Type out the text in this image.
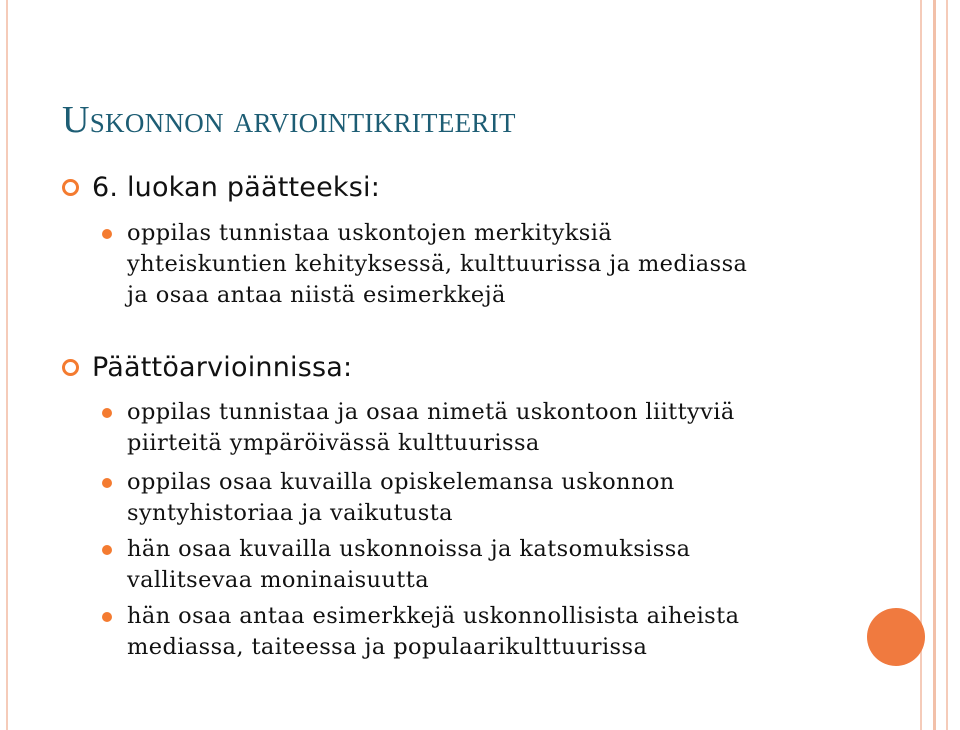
Uskonnon arviointikriteerit
6. luokan päätteeksi:
oppilas tunnistaa uskontojen merkityksiä
yhteiskuntien kehityksessä, kulttuurissa ja mediassa
ja osaa antaa niistä esimerkkejä
Päättöarvioinnissa:
oppilas tunnistaa ja osaa nimetä uskontoon liittyviä
piirteitä ympäröivässä kulttuurissa
oppilas osaa kuvailla opiskelemansa uskonnon
syntyhistoriaa ja vaikutusta
hän osaa kuvailla uskonnoissa ja katsomuksissa
vallitsevaa moninaisuutta
hän osaa antaa esimerkkejä uskonnollisista aiheista
mediassa, taiteessa ja populaarikulttuurissa
